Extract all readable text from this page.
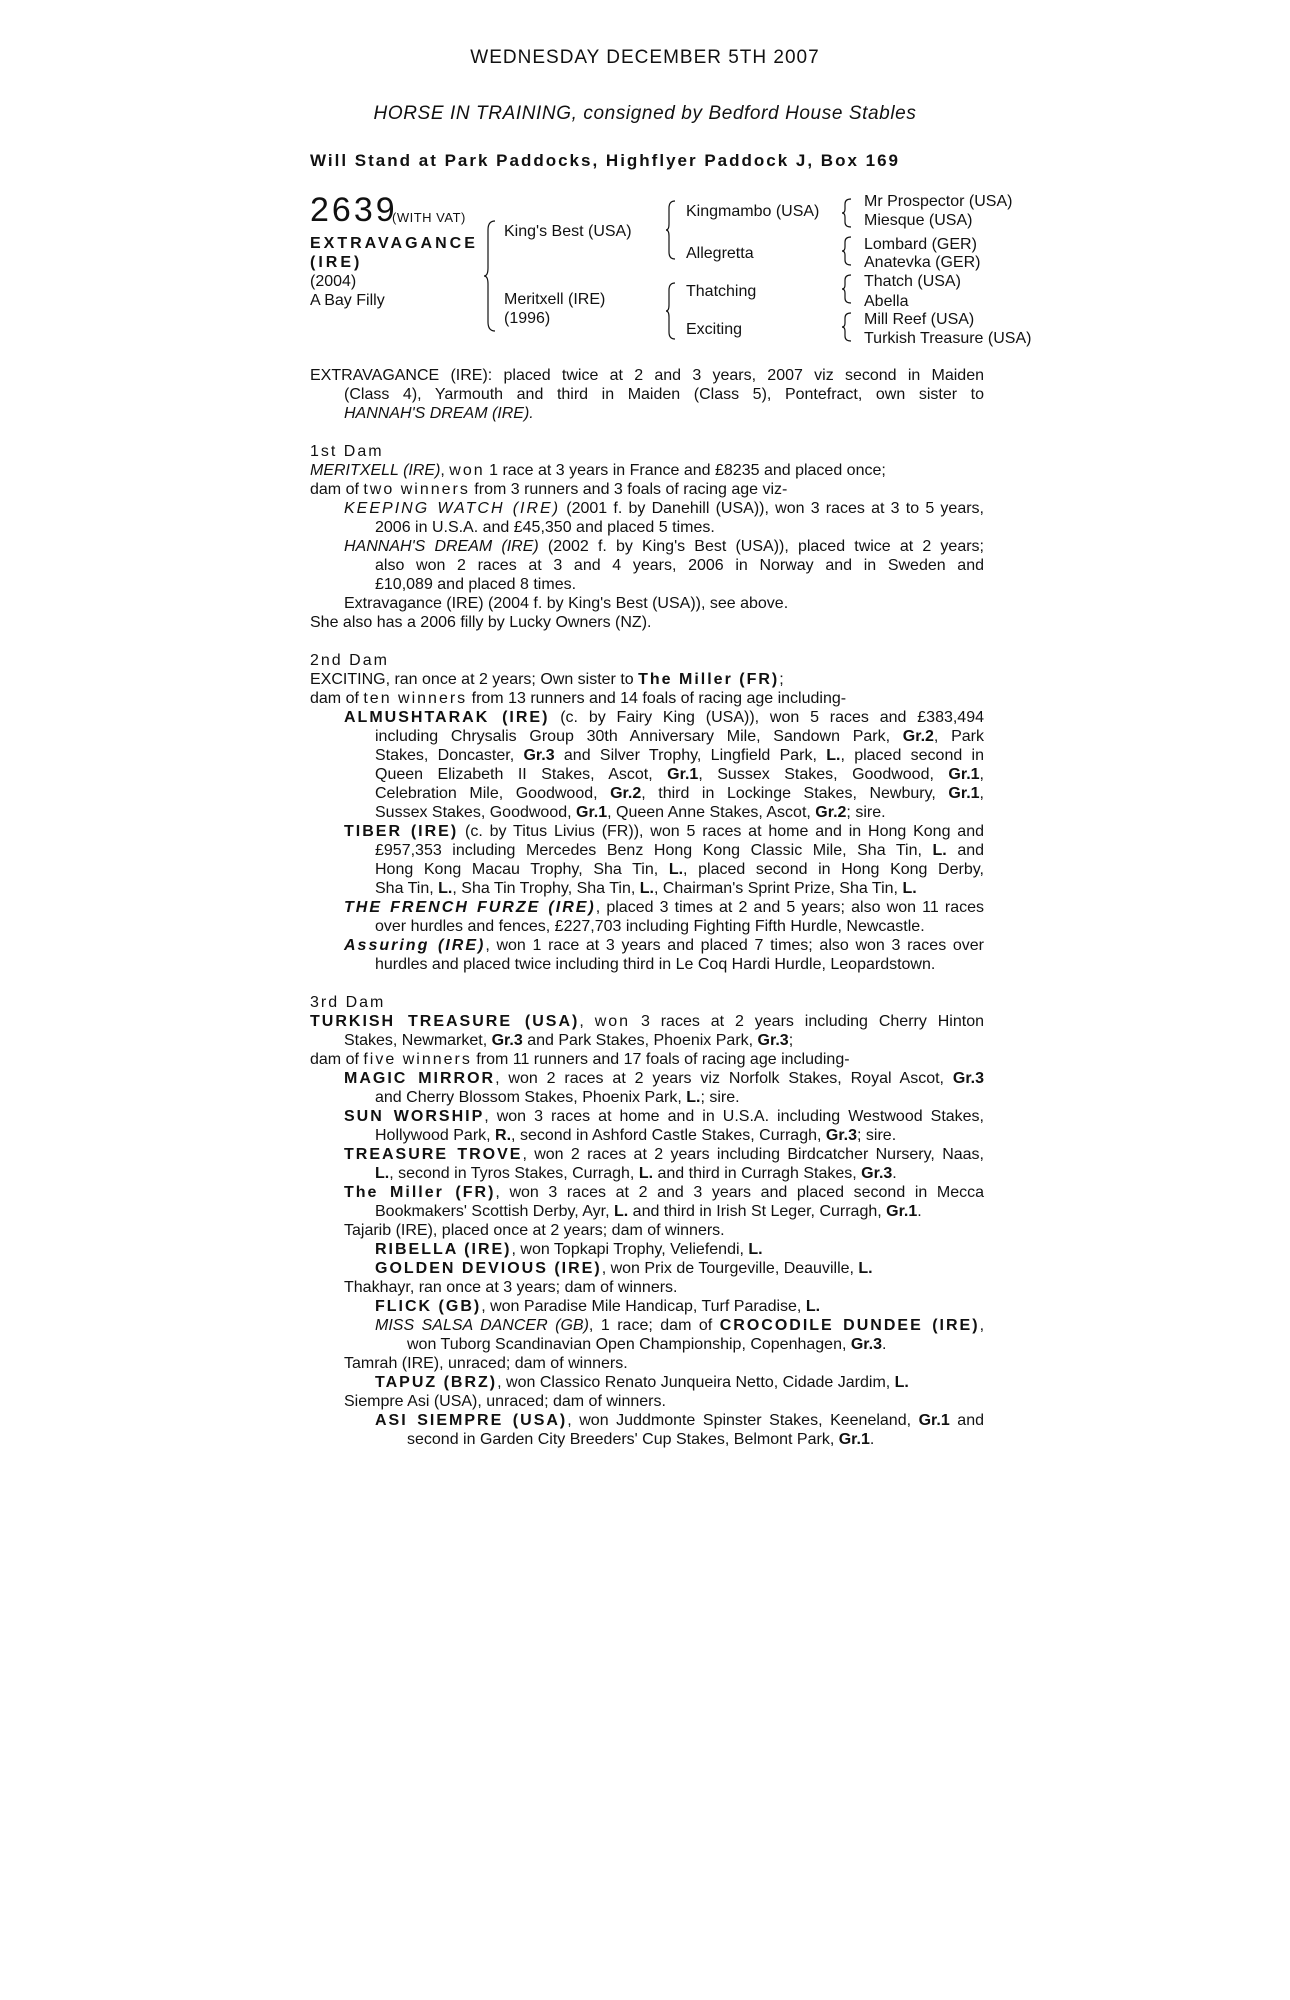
WEDNESDAY DECEMBER 5TH 2007
HORSE IN TRAINING, consigned by Bedford House Stables
Will Stand at Park Paddocks, Highflyer Paddock J, Box 169
2639
(WITH VAT)
EXTRAVAGANCE
(IRE)
(2004)
A Bay Filly
King's Best (USA)
Meritxell (IRE)
(1996)
Kingmambo (USA)
Allegretta
Thatching
Exciting
Mr Prospector (USA)
Miesque (USA)
Lombard (GER)
Anatevka (GER)
Thatch (USA)
Abella
Mill Reef (USA)
Turkish Treasure (USA)
EXTRAVAGANCE (IRE): placed twice at 2 and 3 years, 2007 viz second in Maiden
(Class 4), Yarmouth and third in Maiden (Class 5), Pontefract, own sister to
HANNAH'S DREAM (IRE).
1st Dam
MERITXELL (IRE), won 1 race at 3 years in France and £8235 and placed once;
dam of two winners from 3 runners and 3 foals of racing age viz-
KEEPING WATCH (IRE) (2001 f. by Danehill (USA)), won 3 races at 3 to 5 years,
2006 in U.S.A. and £45,350 and placed 5 times.
HANNAH'S DREAM (IRE) (2002 f. by King's Best (USA)), placed twice at 2 years;
also won 2 races at 3 and 4 years, 2006 in Norway and in Sweden and
£10,089 and placed 8 times.
Extravagance (IRE) (2004 f. by King's Best (USA)), see above.
She also has a 2006 filly by Lucky Owners (NZ).
2nd Dam
EXCITING, ran once at 2 years; Own sister to The Miller (FR);
dam of ten winners from 13 runners and 14 foals of racing age including-
ALMUSHTARAK (IRE) (c. by Fairy King (USA)), won 5 races and £383,494
including Chrysalis Group 30th Anniversary Mile, Sandown Park, Gr.2, Park
Stakes, Doncaster, Gr.3 and Silver Trophy, Lingfield Park, L., placed second in
Queen Elizabeth II Stakes, Ascot, Gr.1, Sussex Stakes, Goodwood, Gr.1,
Celebration Mile, Goodwood, Gr.2, third in Lockinge Stakes, Newbury, Gr.1,
Sussex Stakes, Goodwood, Gr.1, Queen Anne Stakes, Ascot, Gr.2; sire.
TIBER (IRE) (c. by Titus Livius (FR)), won 5 races at home and in Hong Kong and
£957,353 including Mercedes Benz Hong Kong Classic Mile, Sha Tin, L. and
Hong Kong Macau Trophy, Sha Tin, L., placed second in Hong Kong Derby,
Sha Tin, L., Sha Tin Trophy, Sha Tin, L., Chairman's Sprint Prize, Sha Tin, L.
THE FRENCH FURZE (IRE), placed 3 times at 2 and 5 years; also won 11 races
over hurdles and fences, £227,703 including Fighting Fifth Hurdle, Newcastle.
Assuring (IRE), won 1 race at 3 years and placed 7 times; also won 3 races over
hurdles and placed twice including third in Le Coq Hardi Hurdle, Leopardstown.
3rd Dam
TURKISH TREASURE (USA), won 3 races at 2 years including Cherry Hinton
Stakes, Newmarket, Gr.3 and Park Stakes, Phoenix Park, Gr.3;
dam of five winners from 11 runners and 17 foals of racing age including-
MAGIC MIRROR, won 2 races at 2 years viz Norfolk Stakes, Royal Ascot, Gr.3
and Cherry Blossom Stakes, Phoenix Park, L.; sire.
SUN WORSHIP, won 3 races at home and in U.S.A. including Westwood Stakes,
Hollywood Park, R., second in Ashford Castle Stakes, Curragh, Gr.3; sire.
TREASURE TROVE, won 2 races at 2 years including Birdcatcher Nursery, Naas,
L., second in Tyros Stakes, Curragh, L. and third in Curragh Stakes, Gr.3.
The Miller (FR), won 3 races at 2 and 3 years and placed second in Mecca
Bookmakers' Scottish Derby, Ayr, L. and third in Irish St Leger, Curragh, Gr.1.
Tajarib (IRE), placed once at 2 years; dam of winners.
RIBELLA (IRE), won Topkapi Trophy, Veliefendi, L.
GOLDEN DEVIOUS (IRE), won Prix de Tourgeville, Deauville, L.
Thakhayr, ran once at 3 years; dam of winners.
FLICK (GB), won Paradise Mile Handicap, Turf Paradise, L.
MISS SALSA DANCER (GB), 1 race; dam of CROCODILE DUNDEE (IRE),
won Tuborg Scandinavian Open Championship, Copenhagen, Gr.3.
Tamrah (IRE), unraced; dam of winners.
TAPUZ (BRZ), won Classico Renato Junqueira Netto, Cidade Jardim, L.
Siempre Asi (USA), unraced; dam of winners.
ASI SIEMPRE (USA), won Juddmonte Spinster Stakes, Keeneland, Gr.1 and
second in Garden City Breeders' Cup Stakes, Belmont Park, Gr.1.
